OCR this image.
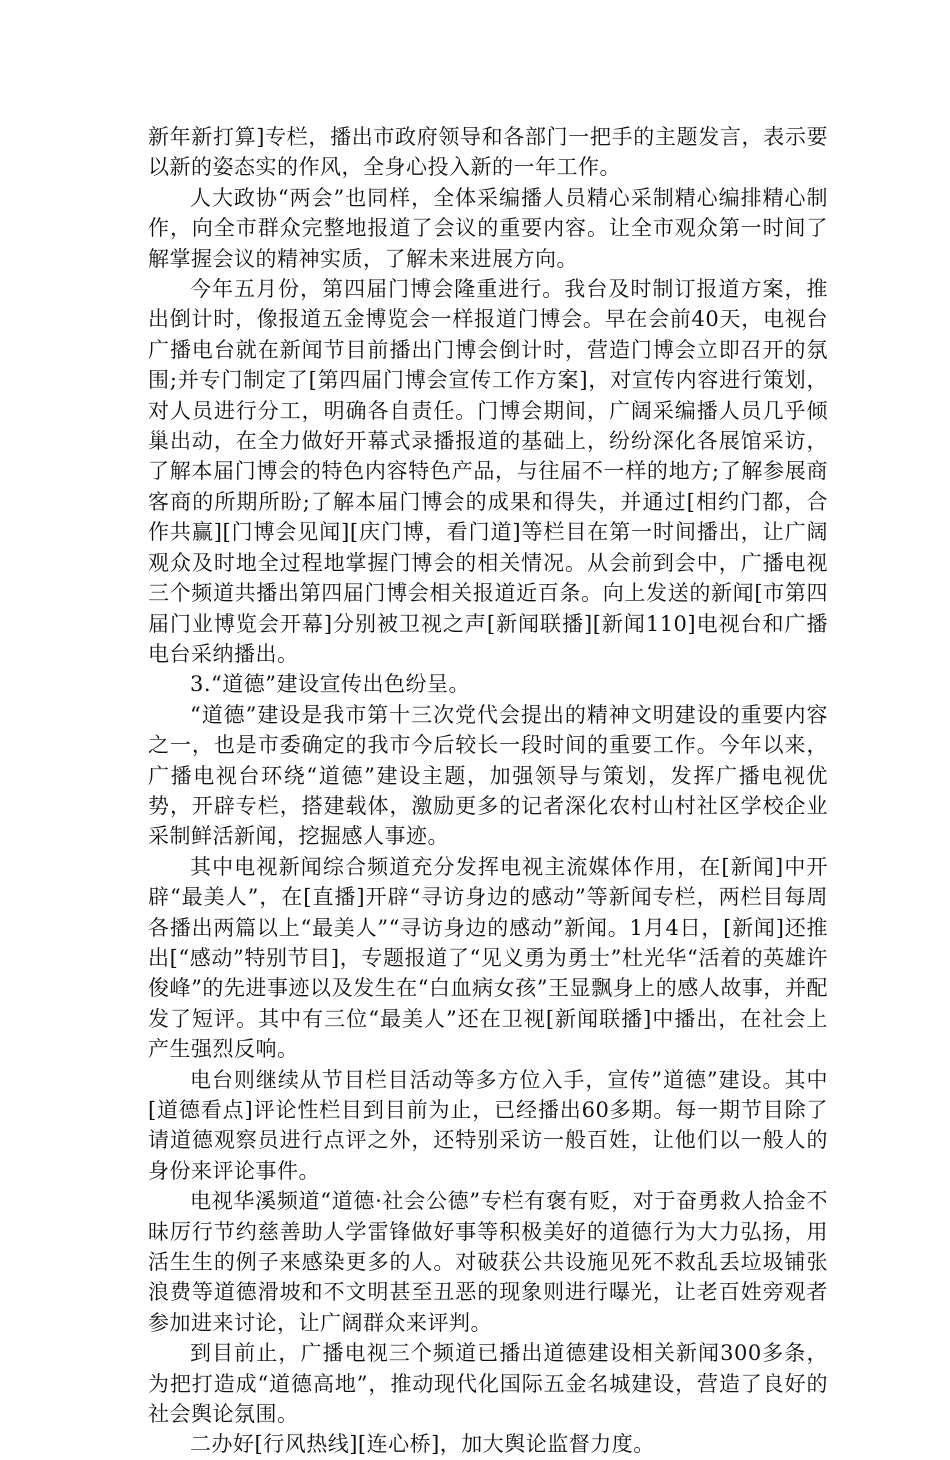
新年新打算]专栏，播出市政府领导和各部门一把手的主题发言，表示要以新的姿态实的作风，全身心投入新的一年工作。

人大政协“两会”也同样，全体采编播人员精心采制精心编排精心制作，向全市群众完整地报道了会议的重要内容。让全市观众第一时间了解掌握会议的精神实质，了解未来进展方向。

今年五月份，第四届门博会隆重进行。我台及时制订报道方案，推出倒计时，像报道五金博览会一样报道门博会。早在会前40天，电视台广播电台就在新闻节目前播出门博会倒计时，营造门博会立即召开的氛围;并专门制定了[第四届门博会宣传工作方案]，对宣传内容进行策划，对人员进行分工，明确各自责任。门博会期间，广阔采编播人员几乎倾巢出动，在全力做好开幕式录播报道的基础上，纷纷深化各展馆采访，了解本届门博会的特色内容特色产品，与往届不一样的地方;了解参展商客商的所期所盼;了解本届门博会的成果和得失，并通过[相约门都，合作共赢][门博会见闻][庆门博，看门道]等栏目在第一时间播出，让广阔观众及时地全过程地掌握门博会的相关情况。从会前到会中，广播电视三个频道共播出第四届门博会相关报道近百条。向上发送的新闻[市第四届门业博览会开幕]分别被卫视之声[新闻联播][新闻110]电视台和广播电台采纳播出。

3.“道德”建设宣传出色纷呈。

“道德”建设是我市第十三次党代会提出的精神文明建设的重要内容之一，也是市委确定的我市今后较长一段时间的重要工作。今年以来，广播电视台环绕“道德”建设主题，加强领导与策划，发挥广播电视优势，开辟专栏，搭建载体，激励更多的记者深化农村山村社区学校企业采制鲜活新闻，挖掘感人事迹。

其中电视新闻综合频道充分发挥电视主流媒体作用，在[新闻]中开辟“最美人”，在[直播]开辟“寻访身边的感动”等新闻专栏，两栏目每周各播出两篇以上“最美人”“寻访身边的感动”新闻。1月4日，[新闻]还推出[“感动”特别节目]，专题报道了“见义勇为勇士”杜光华“活着的英雄许俊峰”的先进事迹以及发生在“白血病女孩”王显飘身上的感人故事，并配发了短评。其中有三位“最美人”还在卫视[新闻联播]中播出，在社会上产生强烈反响。

电台则继续从节目栏目活动等多方位入手，宣传”道德”建设。其中[道德看点]评论性栏目到目前为止，已经播出60多期。每一期节目除了请道德观察员进行点评之外，还特别采访一般百姓，让他们以一般人的身份来评论事件。

电视华溪频道“道德·社会公德”专栏有褒有贬，对于奋勇救人拾金不昧厉行节约慈善助人学雷锋做好事等积极美好的道德行为大力弘扬，用活生生的例子来感染更多的人。对破获公共设施见死不救乱丢垃圾铺张浪费等道德滑坡和不文明甚至丑恶的现象则进行曝光，让老百姓旁观者参加进来讨论，让广阔群众来评判。

到目前止，广播电视三个频道已播出道德建设相关新闻300多条，为把打造成“道德高地”，推动现代化国际五金名城建设，营造了良好的社会舆论氛围。

二办好[行风热线][连心桥]，加大舆论监督力度。
